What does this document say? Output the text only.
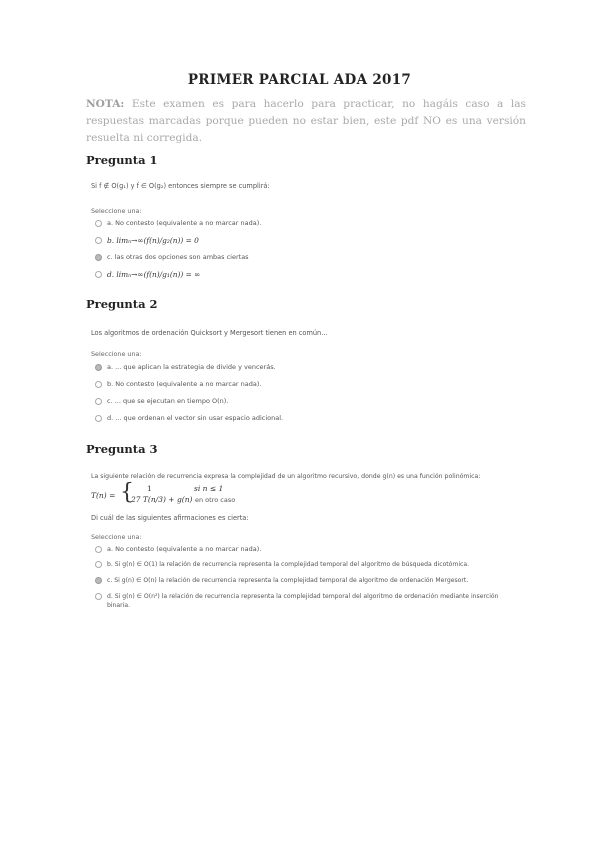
PRIMER PARCIAL ADA 2017
NOTA: Este examen es para hacerlo para practicar, no hagáis caso a las respuestas marcadas porque pueden no estar bien, este pdf NO es una versión resuelta ni corregida.
Pregunta 1
Si f ∉ O(g₁) y f ∈ O(g₂) entonces siempre se cumplirá:
Seleccione una:
a. No contesto (equivalente a no marcar nada).
b. limₙ→∞(f(n)/g₂(n)) = 0
c. las otras dos opciones son ambas ciertas
d. limₙ→∞(f(n)/g₁(n)) = ∞
Pregunta 2
Los algoritmos de ordenación Quicksort y Mergesort tienen en común...
Seleccione una:
a. ... que aplican la estrategia de divide y vencerás.
b. No contesto (equivalente a no marcar nada).
c. ... que se ejecutan en tiempo O(n).
d. ... que ordenan el vector sin usar espacio adicional.
Pregunta 3
La siguiente relación de recurrencia expresa la complejidad de un algoritmo recursivo, donde g(n) es una función polinómica:
T(n) = { 1	si n ≤ 1
27 T(n/3) + g(n) en otro caso
Di cuál de las siguientes afirmaciones es cierta:
Seleccione una:
a. No contesto (equivalente a no marcar nada).
b. Si g(n) ∈ O(1) la relación de recurrencia representa la complejidad temporal del algoritmo de búsqueda dicotómica.
c. Si g(n) ∈ O(n) la relación de recurrencia representa la complejidad temporal de algoritmo de ordenación Mergesort.
d. Si g(n) ∈ O(n²) la relación de recurrencia representa la complejidad temporal del algoritmo de ordenación mediante inserción binaria.
